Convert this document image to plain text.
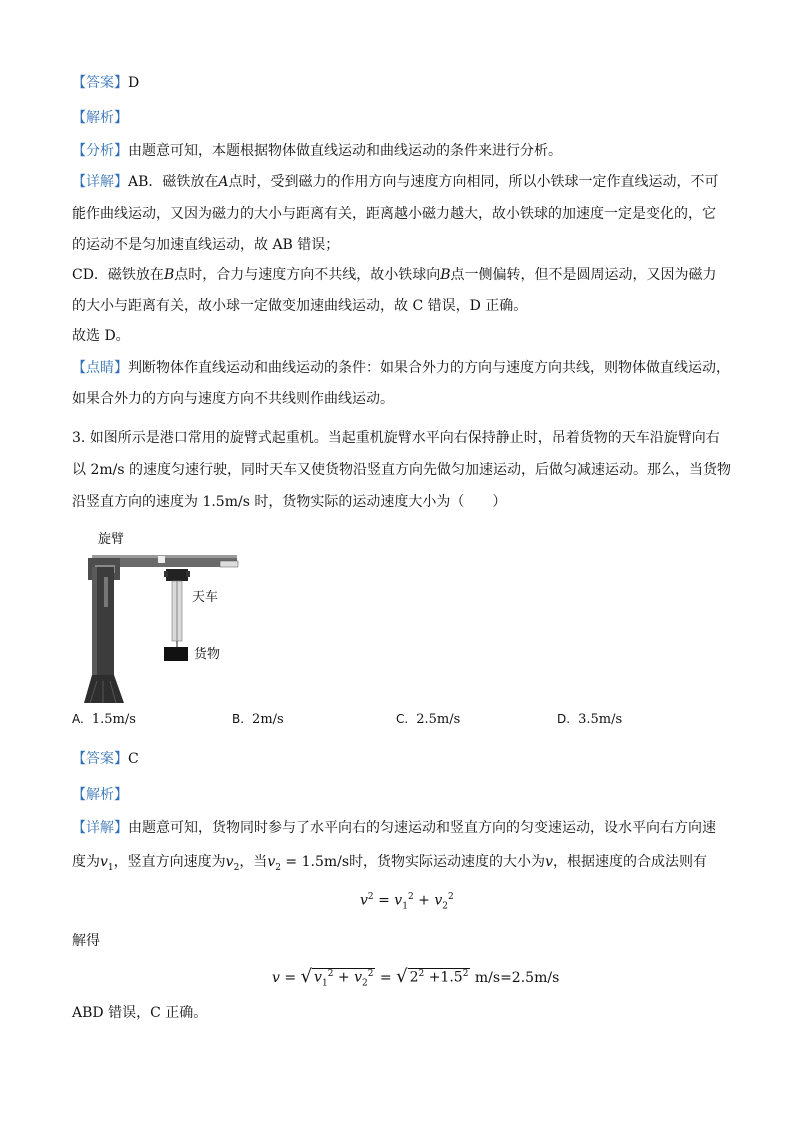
【答案】D
【解析】
【分析】由题意可知，本题根据物体做直线运动和曲线运动的条件来进行分析。
【详解】AB．磁铁放在A点时，受到磁力的作用方向与速度方向相同，所以小铁球一定作直线运动，不可
能作曲线运动，又因为磁力的大小与距离有关，距离越小磁力越大，故小铁球的加速度一定是变化的，它
的运动不是匀加速直线运动，故 AB 错误；
CD．磁铁放在B点时，合力与速度方向不共线，故小铁球向B点一侧偏转，但不是圆周运动，又因为磁力
的大小与距离有关，故小球一定做变加速曲线运动，故 C 错误，D 正确。
故选 D。
【点睛】判断物体作直线运动和曲线运动的条件：如果合外力的方向与速度方向共线，则物体做直线运动，
如果合外力的方向与速度方向不共线则作曲线运动。
3. 如图所示是港口常用的旋臂式起重机。当起重机旋臂水平向右保持静止时，吊着货物的天车沿旋臂向右
以 2m/s 的速度匀速行驶，同时天车又使货物沿竖直方向先做匀加速运动，后做匀减速运动。那么，当货物
沿竖直方向的速度为 1.5m/s 时，货物实际的运动速度大小为（　　）
旋臂
天车
货物
A. 1.5m/s	B. 2m/s	C. 2.5m/s	D. 3.5m/s
【答案】C
【解析】
【详解】由题意可知，货物同时参与了水平向右的匀速运动和竖直方向的匀变速运动，设水平向右方向速
度为$v_1$，竖直方向速度为$v_2$，当$v_2 = 1.5m/s$时，货物实际运动速度的大小为v，根据速度的合成法则有
$v^2 = v_1^2 + v_2^2$
解得
v = √ $v_1^2 + v_2^2$ = √ $2^2 +1.5^2$ m/s=2.5m/s
ABD 错误，C 正确。
